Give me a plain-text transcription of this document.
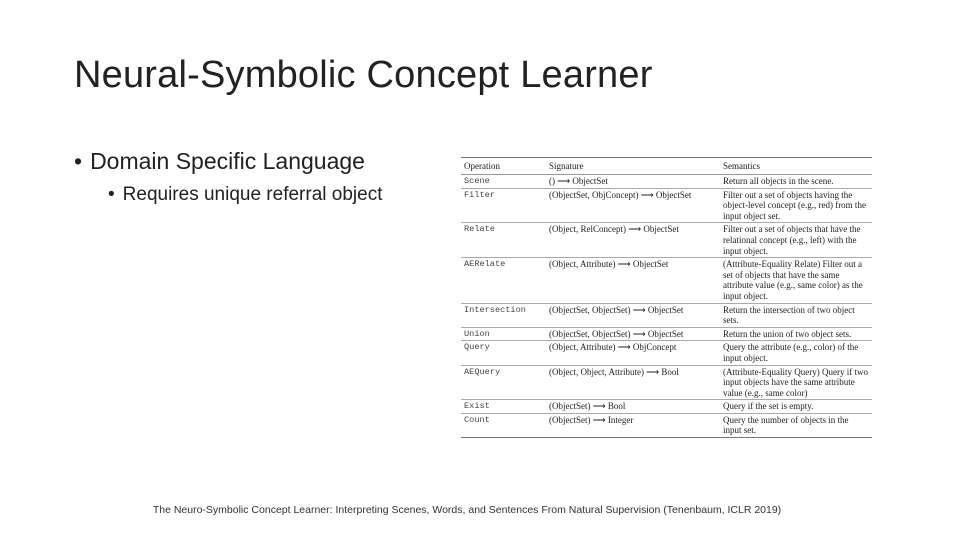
Neural-Symbolic Concept Learner
• Domain Specific Language
• Requires unique referral object
Operation	Signature	Semantics
Scene	() ⟶ ObjectSet	Return all objects in the scene.
Filter	(ObjectSet, ObjConcept) ⟶ ObjectSet	Filter out a set of objects having the object-level concept (e.g., red) from the input object set.
Relate	(Object, RelConcept) ⟶ ObjectSet	Filter out a set of objects that have the relational concept (e.g., left) with the input object.
AERelate	(Object, Attribute) ⟶ ObjectSet	(Attribute-Equality Relate) Filter out a set of objects that have the same attribute value (e.g., same color) as the input object.
Intersection	(ObjectSet, ObjectSet) ⟶ ObjectSet	Return the intersection of two object sets.
Union	(ObjectSet, ObjectSet) ⟶ ObjectSet	Return the union of two object sets.
Query	(Object, Attribute) ⟶ ObjConcept	Query the attribute (e.g., color) of the input object.
AEQuery	(Object, Object, Attribute) ⟶ Bool	(Attribute-Equality Query) Query if two input objects have the same attribute value (e.g., same color)
Exist	(ObjectSet) ⟶ Bool	Query if the set is empty.
Count	(ObjectSet) ⟶ Integer	Query the number of objects in the input set.
The Neuro-Symbolic Concept Learner: Interpreting Scenes, Words, and Sentences From Natural Supervision (Tenenbaum, ICLR 2019)
